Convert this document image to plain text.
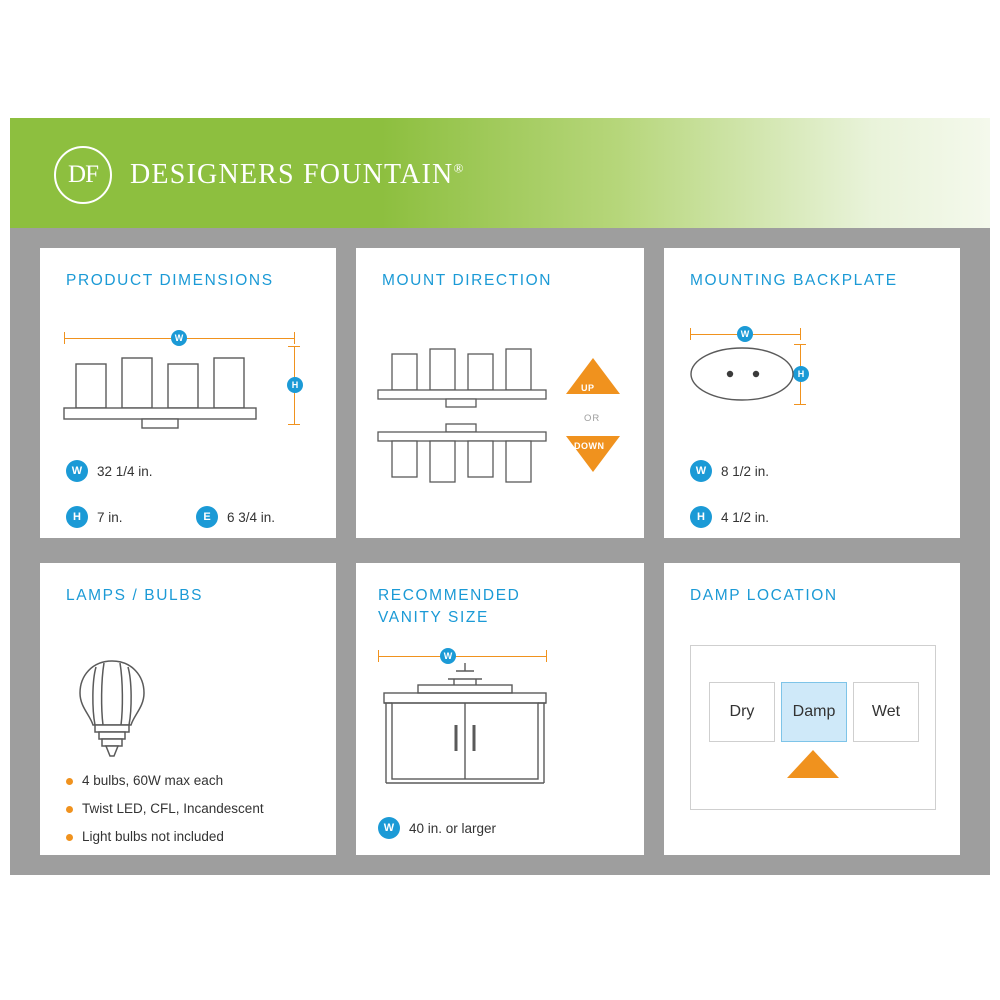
DF	DESIGNERS FOUNTAIN®
PRODUCT DIMENSIONS
W
H
W	32 1/4 in.
H	7 in.	E	6 3/4 in.
MOUNT DIRECTION
UP
OR
DOWN
MOUNTING BACKPLATE
W
H
W	8 1/2 in.
H	4 1/2 in.
LAMPS / BULBS
4 bulbs, 60W max each
Twist LED, CFL, Incandescent
Light bulbs not included
RECOMMENDED
VANITY SIZE
W
W	40 in. or larger
DAMP LOCATION
Dry	Damp	Wet
